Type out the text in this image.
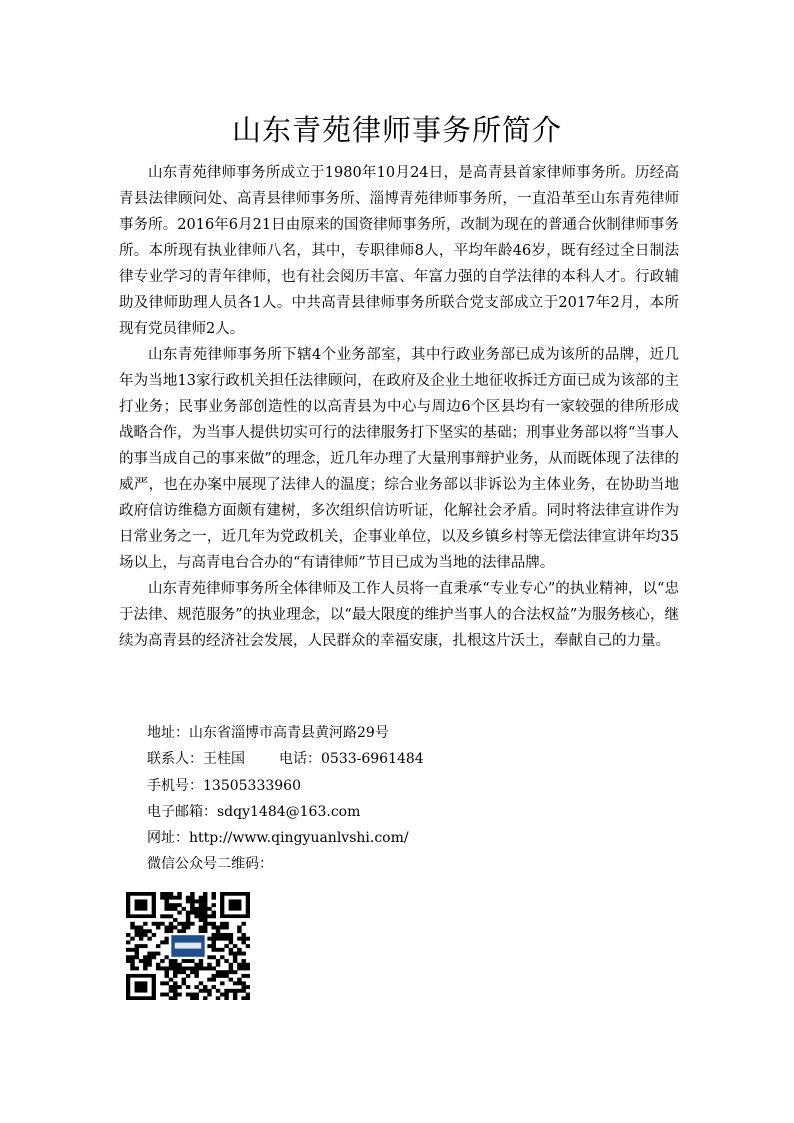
山东青苑律师事务所简介

山东青苑律师事务所成立于1980年10月24日，是高青县首家律师事务所。历经高青县法律顾问处、高青县律师事务所、淄博青苑律师事务所，一直沿革至山东青苑律师事务所。2016年6月21日由原来的国资律师事务所，改制为现在的普通合伙制律师事务所。本所现有执业律师八名，其中，专职律师8人，平均年龄46岁，既有经过全日制法律专业学习的青年律师，也有社会阅历丰富、年富力强的自学法律的本科人才。行政辅助及律师助理人员各1人。中共高青县律师事务所联合党支部成立于2017年2月，本所现有党员律师2人。

山东青苑律师事务所下辖4个业务部室，其中行政业务部已成为该所的品牌，近几年为当地13家行政机关担任法律顾问，在政府及企业土地征收拆迁方面已成为该部的主打业务；民事业务部创造性的以高青县为中心与周边6个区县均有一家较强的律所形成战略合作，为当事人提供切实可行的法律服务打下坚实的基础；刑事业务部以将“当事人的事当成自己的事来做”的理念，近几年办理了大量刑事辩护业务，从而既体现了法律的威严，也在办案中展现了法律人的温度；综合业务部以非诉讼为主体业务，在协助当地政府信访维稳方面颇有建树，多次组织信访听证，化解社会矛盾。同时将法律宣讲作为日常业务之一，近几年为党政机关，企事业单位，以及乡镇乡村等无偿法律宣讲年均35场以上，与高青电台合办的“有请律师”节目已成为当地的法律品牌。

山东青苑律师事务所全体律师及工作人员将一直秉承“专业专心”的执业精神，以“忠于法律、规范服务”的执业理念，以“最大限度的维护当事人的合法权益”为服务核心，继续为高青县的经济社会发展，人民群众的幸福安康，扎根这片沃土，奉献自己的力量。

地址：山东省淄博市高青县黄河路29号
联系人：王桂国 电话：0533-6961484
手机号：13505333960
电子邮箱：sdqy1484@163.com
网址：http://www.qingyuanlvshi.com/
微信公众号二维码：
